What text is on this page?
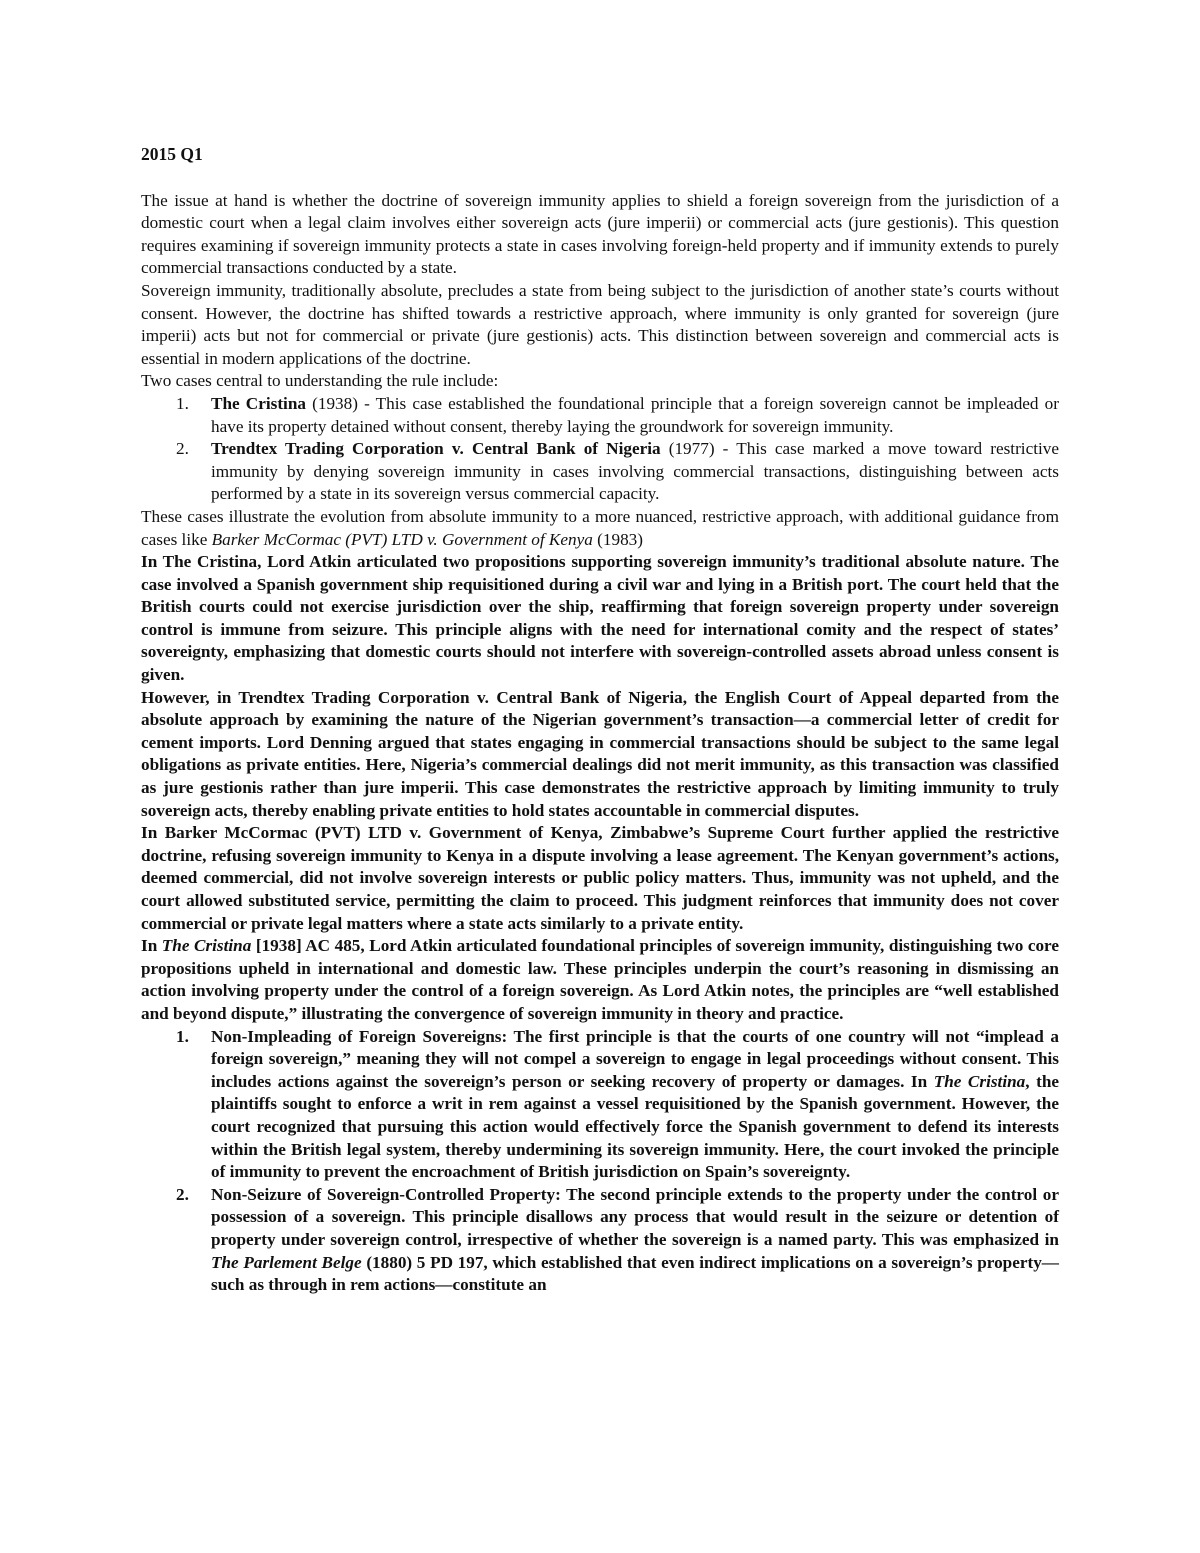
2015 Q1

The issue at hand is whether the doctrine of sovereign immunity applies to shield a foreign sovereign from the jurisdiction of a domestic court when a legal claim involves either sovereign acts (jure imperii) or commercial acts (jure gestionis). This question requires examining if sovereign immunity protects a state in cases involving foreign-held property and if immunity extends to purely commercial transactions conducted by a state.

Sovereign immunity, traditionally absolute, precludes a state from being subject to the jurisdiction of another state’s courts without consent. However, the doctrine has shifted towards a restrictive approach, where immunity is only granted for sovereign (jure imperii) acts but not for commercial or private (jure gestionis) acts. This distinction between sovereign and commercial acts is essential in modern applications of the doctrine.

Two cases central to understanding the rule include:

1. The Cristina (1938) - This case established the foundational principle that a foreign sovereign cannot be impleaded or have its property detained without consent, thereby laying the groundwork for sovereign immunity.
2. Trendtex Trading Corporation v. Central Bank of Nigeria (1977) - This case marked a move toward restrictive immunity by denying sovereign immunity in cases involving commercial transactions, distinguishing between acts performed by a state in its sovereign versus commercial capacity.

These cases illustrate the evolution from absolute immunity to a more nuanced, restrictive approach, with additional guidance from cases like Barker McCormac (PVT) LTD v. Government of Kenya (1983)

In The Cristina, Lord Atkin articulated two propositions supporting sovereign immunity’s traditional absolute nature. The case involved a Spanish government ship requisitioned during a civil war and lying in a British port. The court held that the British courts could not exercise jurisdiction over the ship, reaffirming that foreign sovereign property under sovereign control is immune from seizure. This principle aligns with the need for international comity and the respect of states’ sovereignty, emphasizing that domestic courts should not interfere with sovereign-controlled assets abroad unless consent is given.

However, in Trendtex Trading Corporation v. Central Bank of Nigeria, the English Court of Appeal departed from the absolute approach by examining the nature of the Nigerian government’s transaction—a commercial letter of credit for cement imports. Lord Denning argued that states engaging in commercial transactions should be subject to the same legal obligations as private entities. Here, Nigeria’s commercial dealings did not merit immunity, as this transaction was classified as jure gestionis rather than jure imperii. This case demonstrates the restrictive approach by limiting immunity to truly sovereign acts, thereby enabling private entities to hold states accountable in commercial disputes.

In Barker McCormac (PVT) LTD v. Government of Kenya, Zimbabwe’s Supreme Court further applied the restrictive doctrine, refusing sovereign immunity to Kenya in a dispute involving a lease agreement. The Kenyan government’s actions, deemed commercial, did not involve sovereign interests or public policy matters. Thus, immunity was not upheld, and the court allowed substituted service, permitting the claim to proceed. This judgment reinforces that immunity does not cover commercial or private legal matters where a state acts similarly to a private entity.

In The Cristina [1938] AC 485, Lord Atkin articulated foundational principles of sovereign immunity, distinguishing two core propositions upheld in international and domestic law. These principles underpin the court’s reasoning in dismissing an action involving property under the control of a foreign sovereign. As Lord Atkin notes, the principles are “well established and beyond dispute,” illustrating the convergence of sovereign immunity in theory and practice.

1. Non-Impleading of Foreign Sovereigns: The first principle is that the courts of one country will not “implead a foreign sovereign,” meaning they will not compel a sovereign to engage in legal proceedings without consent. This includes actions against the sovereign’s person or seeking recovery of property or damages. In The Cristina, the plaintiffs sought to enforce a writ in rem against a vessel requisitioned by the Spanish government. However, the court recognized that pursuing this action would effectively force the Spanish government to defend its interests within the British legal system, thereby undermining its sovereign immunity. Here, the court invoked the principle of immunity to prevent the encroachment of British jurisdiction on Spain’s sovereignty.
2. Non-Seizure of Sovereign-Controlled Property: The second principle extends to the property under the control or possession of a sovereign. This principle disallows any process that would result in the seizure or detention of property under sovereign control, irrespective of whether the sovereign is a named party. This was emphasized in The Parlement Belge (1880) 5 PD 197, which established that even indirect implications on a sovereign’s property—such as through in rem actions—constitute an
